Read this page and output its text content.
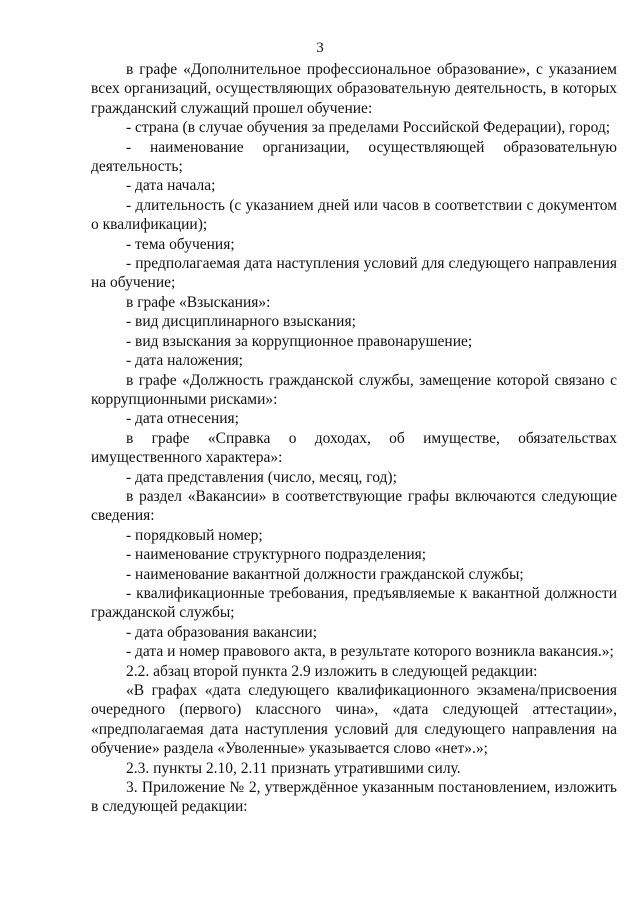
3

в графе «Дополнительное профессиональное образование», с указанием всех организаций, осуществляющих образовательную деятельность, в которых гражданский служащий прошел обучение:

- страна (в случае обучения за пределами Российской Федерации), город;

- наименование организации, осуществляющей образовательную деятельность;

- дата начала;

- длительность (с указанием дней или часов в соответствии с документом о квалификации);

- тема обучения;

- предполагаемая дата наступления условий для следующего направления на обучение;

в графе «Взыскания»:

- вид дисциплинарного взыскания;

- вид взыскания за коррупционное правонарушение;

- дата наложения;

в графе «Должность гражданской службы, замещение которой связано с коррупционными рисками»:

- дата отнесения;

в графе «Справка о доходах, об имуществе, обязательствах имущественного характера»:

- дата представления (число, месяц, год);

в раздел «Вакансии» в соответствующие графы включаются следующие сведения:

- порядковый номер;

- наименование структурного подразделения;

- наименование вакантной должности гражданской службы;

- квалификационные требования, предъявляемые к вакантной должности гражданской службы;

- дата образования вакансии;

- дата и номер правового акта, в результате которого возникла вакансия.»;

2.2. абзац второй пункта 2.9 изложить в следующей редакции:

«В графах «дата следующего квалификационного экзамена/присвоения очередного (первого) классного чина», «дата следующей аттестации», «предполагаемая дата наступления условий для следующего направления на обучение» раздела «Уволенные» указывается слово «нет».»;

2.3. пункты 2.10, 2.11 признать утратившими силу.

3. Приложение № 2, утверждённое указанным постановлением, изложить в следующей редакции:
